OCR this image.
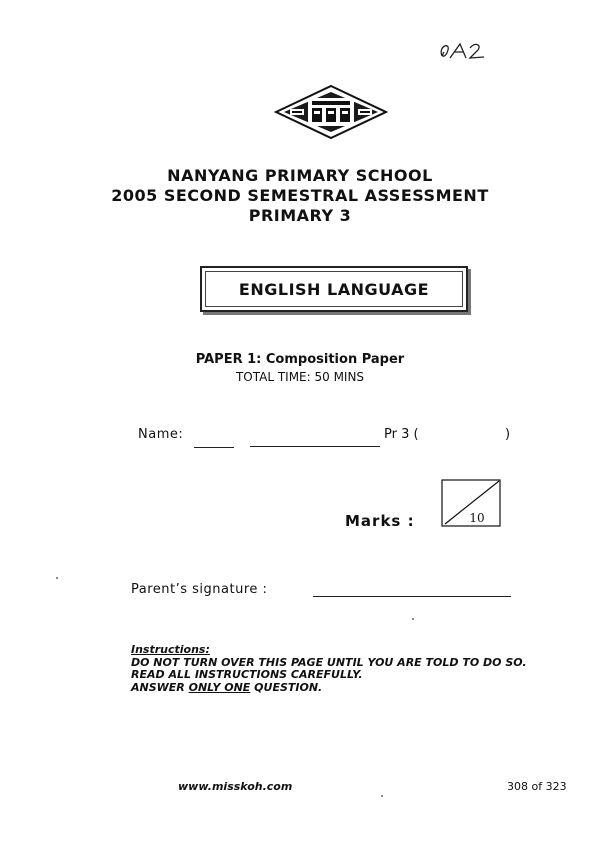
NANYANG PRIMARY SCHOOL
2005 SECOND SEMESTRAL ASSESSMENT
PRIMARY 3
ENGLISH LANGUAGE
PAPER 1: Composition Paper
TOTAL TIME: 50 MINS
Name:	Pr 3 (	)
Marks :	10
Parent’s signature :
Instructions:
DO NOT TURN OVER THIS PAGE UNTIL YOU ARE TOLD TO DO SO.
READ ALL INSTRUCTIONS CAREFULLY.
ANSWER ONLY ONE QUESTION.
www.misskoh.com	308 of 323
